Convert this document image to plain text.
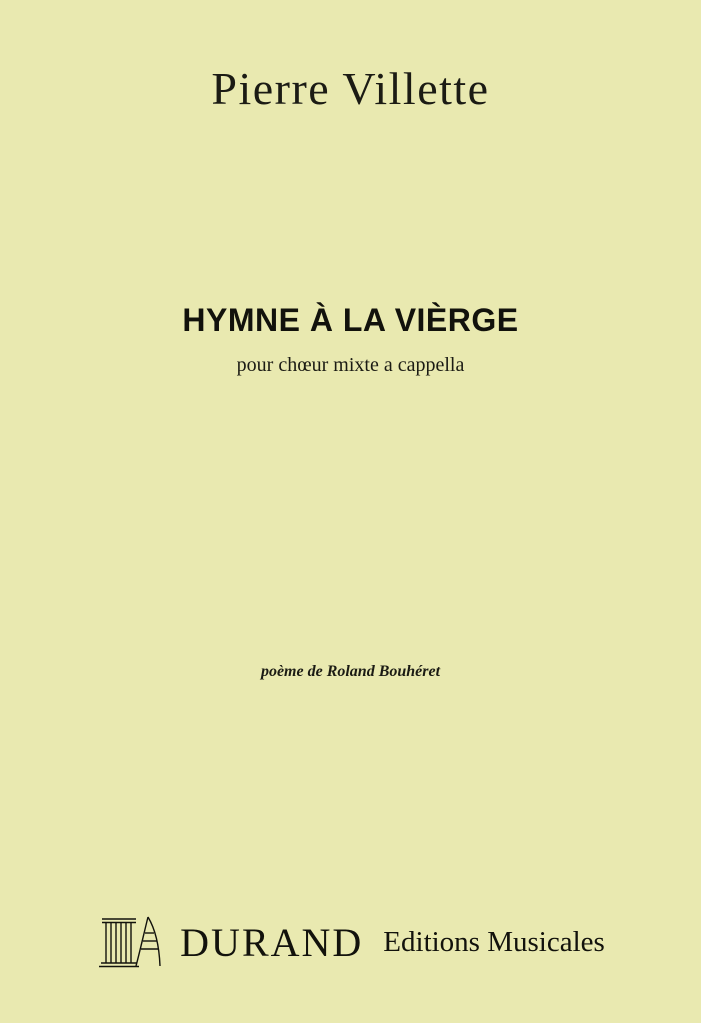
Pierre Villette
HYMNE À LA VIÈRGE
pour chœur mixte a cappella
poème de Roland Bouhéret
DURAND Editions Musicales
